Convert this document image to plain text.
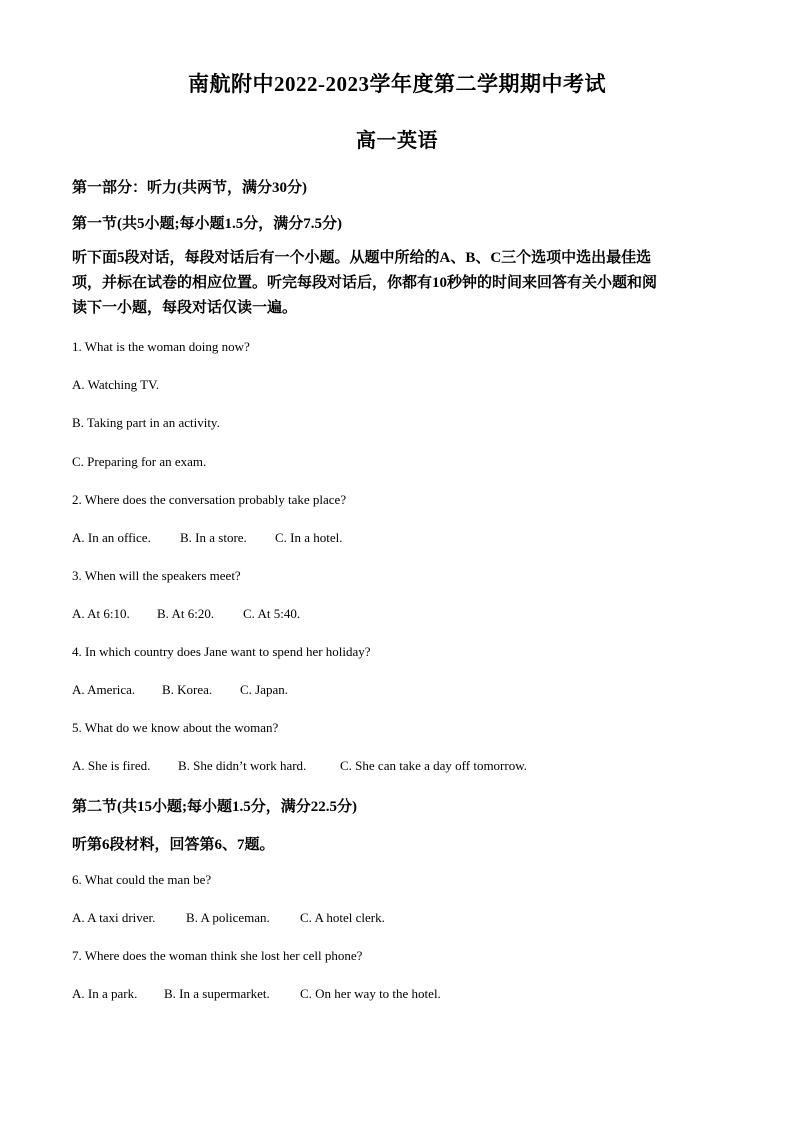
南航附中2022-2023学年度第二学期期中考试
高一英语
第一部分：听力(共两节，满分30分)
第一节(共5小题;每小题1.5分，满分7.5分)
听下面5段对话，每段对话后有一个小题。从题中所给的A、B、C三个选项中选出最佳选
项，并标在试卷的相应位置。听完每段对话后，你都有10秒钟的时间来回答有关小题和阅
读下一小题，每段对话仅读一遍。
1. What is the woman doing now?
A. Watching TV.
B. Taking part in an activity.
C. Preparing for an exam.
2. Where does the conversation probably take place?
A. In an office. B. In a store. C. In a hotel.
3. When will the speakers meet?
A. At 6:10. B. At 6:20. C. At 5:40.
4. In which country does Jane want to spend her holiday?
A. America. B. Korea. C. Japan.
5. What do we know about the woman?
A. She is fired. B. She didn’t work hard.	C. She can take a day off tomorrow.
第二节(共15小题;每小题1.5分，满分22.5分)
听第6段材料，回答第6、7题。
6. What could the man be?
A. A taxi driver. B. A policeman. C. A hotel clerk.
7. Where does the woman think she lost her cell phone?
A. In a park. B. In a supermarket. C. On her way to the hotel.
